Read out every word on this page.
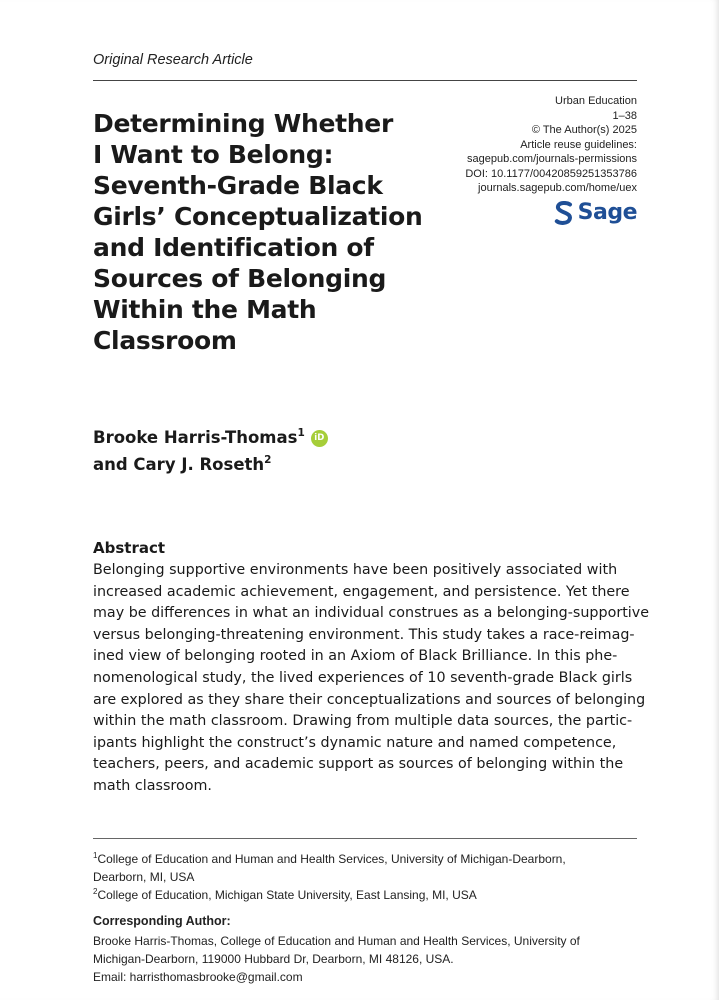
Original Research Article
Determining Whether
I Want to Belong:
Seventh-Grade Black
Girls’ Conceptualization
and Identification of
Sources of Belonging
Within the Math
Classroom
Urban Education
1–38
© The Author(s) 2025
Article reuse guidelines:
sagepub.com/journals-permissions
DOI: 10.1177/00420859251353786
journals.sagepub.com/home/uex
Sage
Brooke Harris-Thomas$^1$ iD
and Cary J. Roseth$^2$
Abstract

Belonging supportive environments have been positively associated with
increased academic achievement, engagement, and persistence. Yet there
may be differences in what an individual construes as a belonging-supportive
versus belonging-threatening environment. This study takes a race-reimag-
ined view of belonging rooted in an Axiom of Black Brilliance. In this phe-
nomenological study, the lived experiences of 10 seventh-grade Black girls
are explored as they share their conceptualizations and sources of belonging
within the math classroom. Drawing from multiple data sources, the partic-
ipants highlight the construct’s dynamic nature and named competence,
teachers, peers, and academic support as sources of belonging within the
math classroom.

$^1$College of Education and Human and Health Services, University of Michigan-Dearborn,
Dearborn, MI, USA
$^2$College of Education, Michigan State University, East Lansing, MI, USA
Corresponding Author:
Brooke Harris-Thomas, College of Education and Human and Health Services, University of
Michigan-Dearborn, 119000 Hubbard Dr, Dearborn, MI 48126, USA.
Email: harristhomasbrooke@gmail.com
